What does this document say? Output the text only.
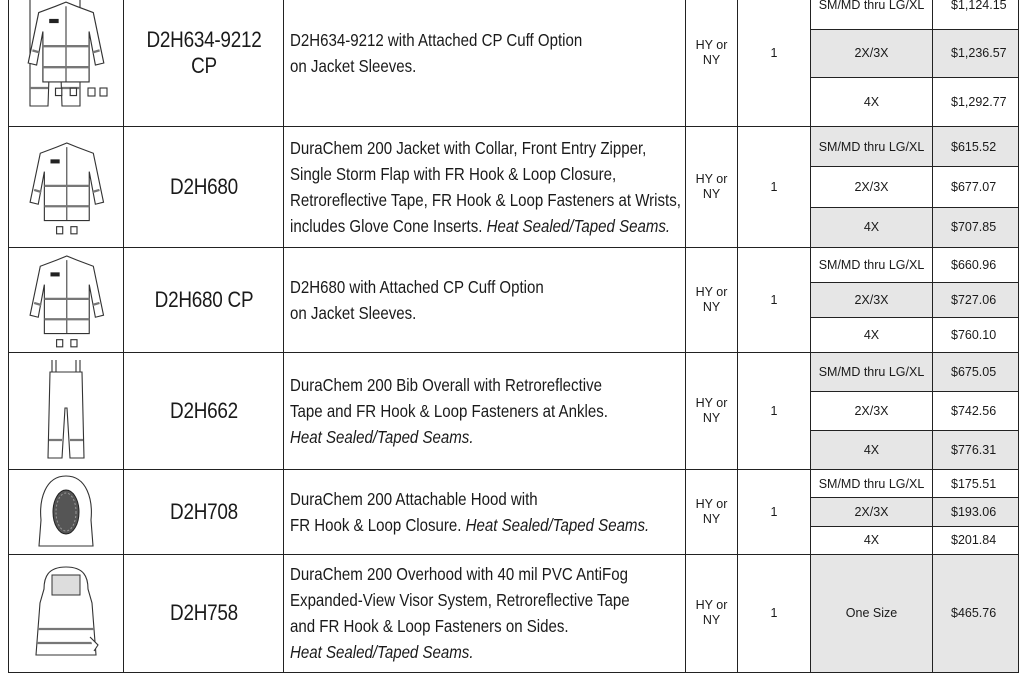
	D2H634-9212 CP	D2H634-9212 with Attached CP Cuff Option
on Jacket Sleeves.	HY or
NY	1	SM/MD thru LG/XL	$1,124.15
					2X/3X	$1,236.57
					4X	$1,292.77

	D2H680	DuraChem 200 Jacket with Collar, Front Entry Zipper,
Single Storm Flap with FR Hook & Loop Closure,
Retroreflective Tape, FR Hook & Loop Fasteners at Wrists,
includes Glove Cone Inserts. Heat Sealed/Taped Seams.	HY or
NY	1	SM/MD thru LG/XL	$615.52
					2X/3X	$677.07
					4X	$707.85

	D2H680 CP	D2H680 with Attached CP Cuff Option
on Jacket Sleeves.	HY or
NY	1	SM/MD thru LG/XL	$660.96
					2X/3X	$727.06
					4X	$760.10

	D2H662	DuraChem 200 Bib Overall with Retroreflective
Tape and FR Hook & Loop Fasteners at Ankles.
Heat Sealed/Taped Seams.	HY or
NY	1	SM/MD thru LG/XL	$675.05
					2X/3X	$742.56
					4X	$776.31

	D2H708	DuraChem 200 Attachable Hood with
FR Hook & Loop Closure. Heat Sealed/Taped Seams.	HY or
NY	1	SM/MD thru LG/XL	$175.51
					2X/3X	$193.06
					4X	$201.84

	D2H758	DuraChem 200 Overhood with 40 mil PVC AntiFog
Expanded-View Visor System, Retroreflective Tape
and FR Hook & Loop Fasteners on Sides.
Heat Sealed/Taped Seams.	HY or
NY	1	One Size	$465.76
